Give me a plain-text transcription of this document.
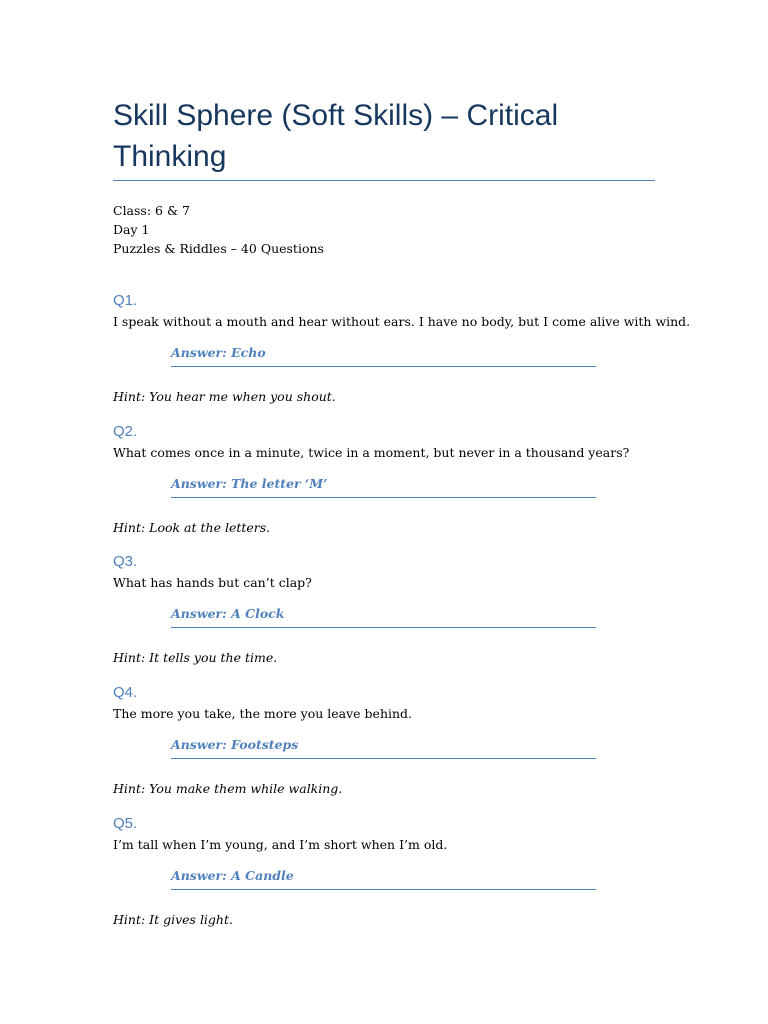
Skill Sphere (Soft Skills) – Critical Thinking
Class: 6 & 7
Day 1
Puzzles & Riddles – 40 Questions
Q1.
I speak without a mouth and hear without ears. I have no body, but I come alive with wind.
Answer: Echo
Hint: You hear me when you shout.
Q2.
What comes once in a minute, twice in a moment, but never in a thousand years?
Answer: The letter ‘M’
Hint: Look at the letters.
Q3.
What has hands but can’t clap?
Answer: A Clock
Hint: It tells you the time.
Q4.
The more you take, the more you leave behind.
Answer: Footsteps
Hint: You make them while walking.
Q5.
I’m tall when I’m young, and I’m short when I’m old.
Answer: A Candle
Hint: It gives light.
